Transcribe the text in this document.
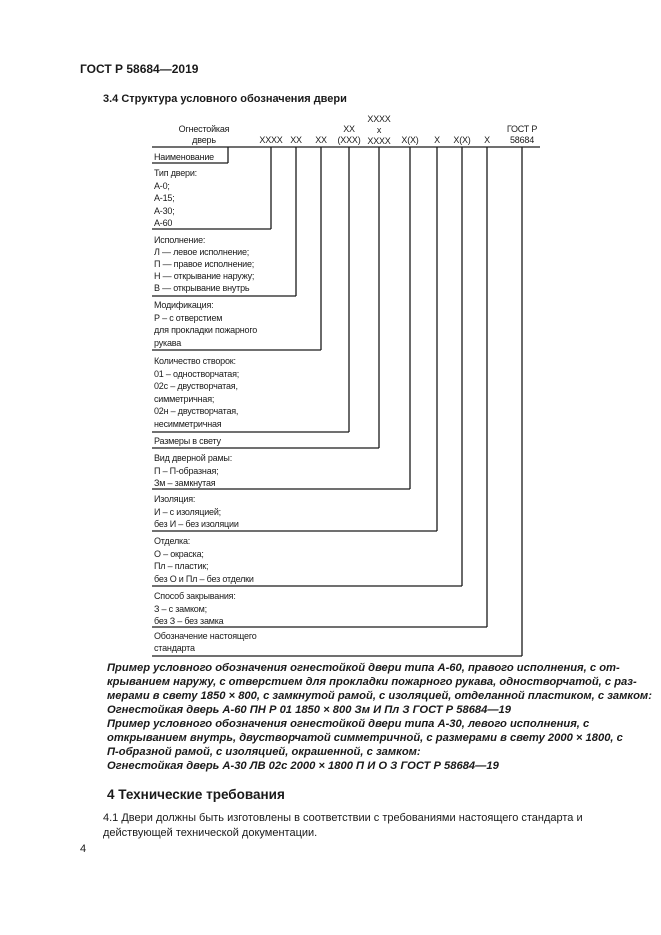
ГОСТ Р 58684—2019
3.4 Структура условного обозначения двери
Огнестойкая
дверь	XXXX XX XX
XX
(XXX)
XXXX
x
XXXX X(X) X X(X) X
ГОСТ Р
58684
Наименование
Тип двери:
А-0;
А-15;
А-30;
А-60
Исполнение:
Л — левое исполнение;
П — правое исполнение;
Н — открывание наружу;
В — открывание внутрь
Модификация:
Р – с отверстием
для прокладки пожарного
рукава
Количество створок:
01 – одностворчатая;
02с – двустворчатая,
симметричная;
02н – двустворчатая,
несимметричная
Размеры в свету
Вид дверной рамы:
П – П-образная;
Зм – замкнутая
Изоляция:
И – с изоляцией;
без И – без изоляции
Отделка:
О – окраска;
Пл – пластик;
без О и Пл – без отделки
Способ закрывания:
З – с замком;
без З – без замка
Обозначение настоящего
стандарта
Пример условного обозначения огнестойкой двери типа А-60, правого исполнения, с от-
крыванием наружу, с отверстием для прокладки пожарного рукава, одностворчатой, с раз-
мерами в свету 1850 × 800, с замкнутой рамой, с изоляцией, отделанной пластиком, с замком:
Огнестойкая дверь А-60 ПН Р 01 1850 × 800 Зм И Пл З ГОСТ Р 58684—19
Пример условного обозначения огнестойкой двери типа А-30, левого исполнения, с
открыванием внутрь, двустворчатой симметричной, с размерами в свету 2000 × 1800, с
П-образной рамой, с изоляцией, окрашенной, с замком:
Огнестойкая дверь А-30 ЛВ 02с 2000 × 1800 П И О З ГОСТ Р 58684—19
4 Технические требования
4.1 Двери должны быть изготовлены в соответствии с требованиями настоящего стандарта и действующей технической документации.
4
